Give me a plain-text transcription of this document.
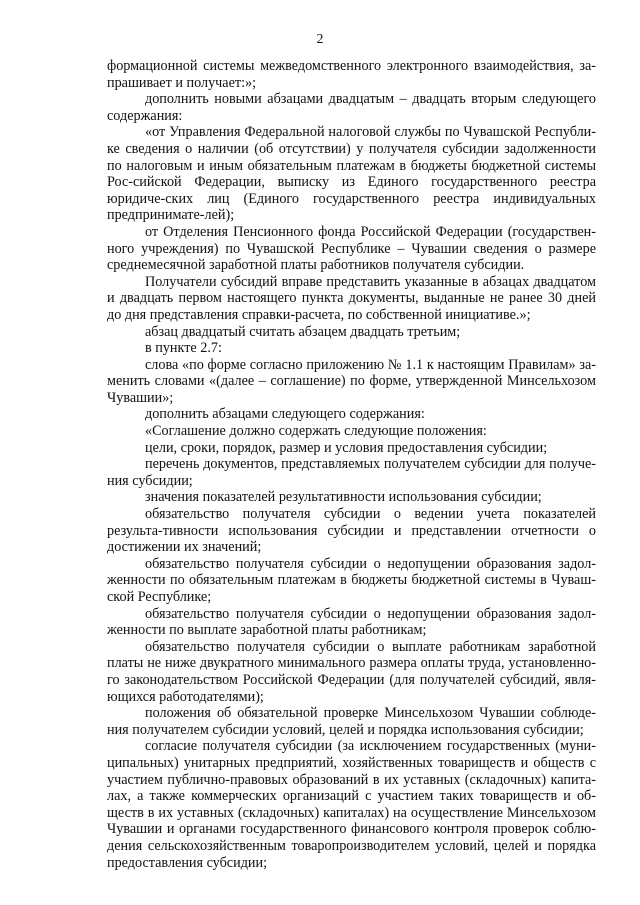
2

формационной системы межведомственного электронного взаимодействия, за-прашивает и получает:»;

дополнить новыми абзацами двадцатым – двадцать вторым следующего содержания:

«от Управления Федеральной налоговой службы по Чувашской Республи-ке сведения о наличии (об отсутствии) у получателя субсидии задолженности по налоговым и иным обязательным платежам в бюджеты бюджетной системы Рос-сийской Федерации, выписку из Единого государственного реестра юридиче-ских лиц (Единого государственного реестра индивидуальных предпринимате-лей);

от Отделения Пенсионного фонда Российской Федерации (государствен-ного учреждения) по Чувашской Республике – Чувашии сведения о размере среднемесячной заработной платы работников получателя субсидии.

Получатели субсидий вправе представить указанные в абзацах двадцатом и двадцать первом настоящего пункта документы, выданные не ранее 30 дней до дня представления справки-расчета, по собственной инициативе.»;

абзац двадцатый считать абзацем двадцать третьим;

в пункте 2.7:

слова «по форме согласно приложению № 1.1 к настоящим Правилам» за-менить словами «(далее – соглашение) по форме, утвержденной Минсельхозом Чувашии»;

дополнить абзацами следующего содержания:

«Соглашение должно содержать следующие положения:

цели, сроки, порядок, размер и условия предоставления субсидии;

перечень документов, представляемых получателем субсидии для получе-ния субсидии;

значения показателей результативности использования субсидии;

обязательство получателя субсидии о ведении учета показателей результа-тивности использования субсидии и представлении отчетности о достижении их значений;

обязательство получателя субсидии о недопущении образования задол-женности по обязательным платежам в бюджеты бюджетной системы в Чуваш-ской Республике;

обязательство получателя субсидии о недопущении образования задол-женности по выплате заработной платы работникам;

обязательство получателя субсидии о выплате работникам заработной платы не ниже двукратного минимального размера оплаты труда, установленно-го законодательством Российской Федерации (для получателей субсидий, явля-ющихся работодателями);

положения об обязательной проверке Минсельхозом Чувашии соблюде-ния получателем субсидии условий, целей и порядка использования субсидии;

согласие получателя субсидии (за исключением государственных (муни-ципальных) унитарных предприятий, хозяйственных товариществ и обществ с участием публично-правовых образований в их уставных (складочных) капита-лах, а также коммерческих организаций с участием таких товариществ и об-ществ в их уставных (складочных) капиталах) на осуществление Минсельхозом Чувашии и органами государственного финансового контроля проверок соблю-дения сельскохозяйственным товаропроизводителем условий, целей и порядка предоставления субсидии;
